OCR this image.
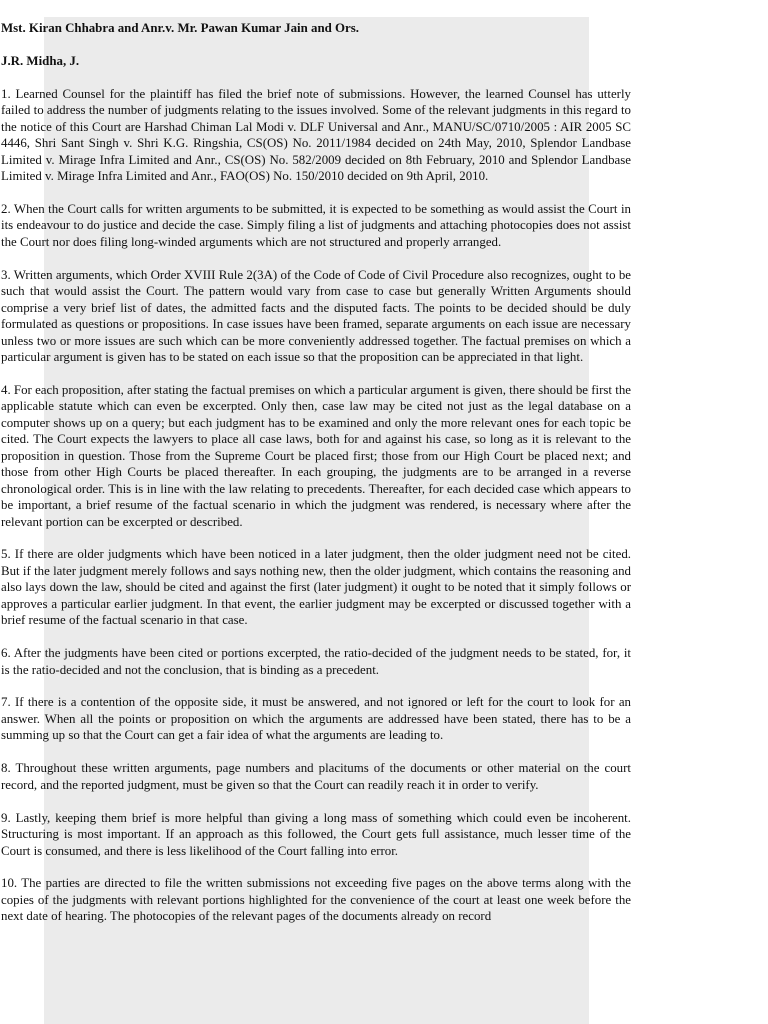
Mst. Kiran Chhabra and Anr.v. Mr. Pawan Kumar Jain and Ors.

J.R. Midha, J.

1. Learned Counsel for the plaintiff has filed the brief note of submissions. However, the learned Counsel has utterly failed to address the number of judgments relating to the issues involved. Some of the relevant judgments in this regard to the notice of this Court are Harshad Chiman Lal Modi v. DLF Universal and Anr., MANU/SC/0710/2005 : AIR 2005 SC 4446, Shri Sant Singh v. Shri K.G. Ringshia, CS(OS) No. 2011/1984 decided on 24th May, 2010, Splendor Landbase Limited v. Mirage Infra Limited and Anr., CS(OS) No. 582/2009 decided on 8th February, 2010 and Splendor Landbase Limited v. Mirage Infra Limited and Anr., FAO(OS) No. 150/2010 decided on 9th April, 2010.

2. When the Court calls for written arguments to be submitted, it is expected to be something as would assist the Court in its endeavour to do justice and decide the case. Simply filing a list of judgments and attaching photocopies does not assist the Court nor does filing long-winded arguments which are not structured and properly arranged.

3. Written arguments, which Order XVIII Rule 2(3A) of the Code of Code of Civil Procedure also recognizes, ought to be such that would assist the Court. The pattern would vary from case to case but generally Written Arguments should comprise a very brief list of dates, the admitted facts and the disputed facts. The points to be decided should be duly formulated as questions or propositions. In case issues have been framed, separate arguments on each issue are necessary unless two or more issues are such which can be more conveniently addressed together. The factual premises on which a particular argument is given has to be stated on each issue so that the proposition can be appreciated in that light.

4. For each proposition, after stating the factual premises on which a particular argument is given, there should be first the applicable statute which can even be excerpted. Only then, case law may be cited not just as the legal database on a computer shows up on a query; but each judgment has to be examined and only the more relevant ones for each topic be cited. The Court expects the lawyers to place all case laws, both for and against his case, so long as it is relevant to the proposition in question. Those from the Supreme Court be placed first; those from our High Court be placed next; and those from other High Courts be placed thereafter. In each grouping, the judgments are to be arranged in a reverse chronological order. This is in line with the law relating to precedents. Thereafter, for each decided case which appears to be important, a brief resume of the factual scenario in which the judgment was rendered, is necessary where after the relevant portion can be excerpted or described.

5. If there are older judgments which have been noticed in a later judgment, then the older judgment need not be cited. But if the later judgment merely follows and says nothing new, then the older judgment, which contains the reasoning and also lays down the law, should be cited and against the first (later judgment) it ought to be noted that it simply follows or approves a particular earlier judgment. In that event, the earlier judgment may be excerpted or discussed together with a brief resume of the factual scenario in that case.

6. After the judgments have been cited or portions excerpted, the ratio-decided of the judgment needs to be stated, for, it is the ratio-decided and not the conclusion, that is binding as a precedent.

7. If there is a contention of the opposite side, it must be answered, and not ignored or left for the court to look for an answer. When all the points or proposition on which the arguments are addressed have been stated, there has to be a summing up so that the Court can get a fair idea of what the arguments are leading to.

8. Throughout these written arguments, page numbers and placitums of the documents or other material on the court record, and the reported judgment, must be given so that the Court can readily reach it in order to verify.

9. Lastly, keeping them brief is more helpful than giving a long mass of something which could even be incoherent. Structuring is most important. If an approach as this followed, the Court gets full assistance, much lesser time of the Court is consumed, and there is less likelihood of the Court falling into error.

10. The parties are directed to file the written submissions not exceeding five pages on the above terms along with the copies of the judgments with relevant portions highlighted for the convenience of the court at least one week before the next date of hearing. The photocopies of the relevant pages of the documents already on record
